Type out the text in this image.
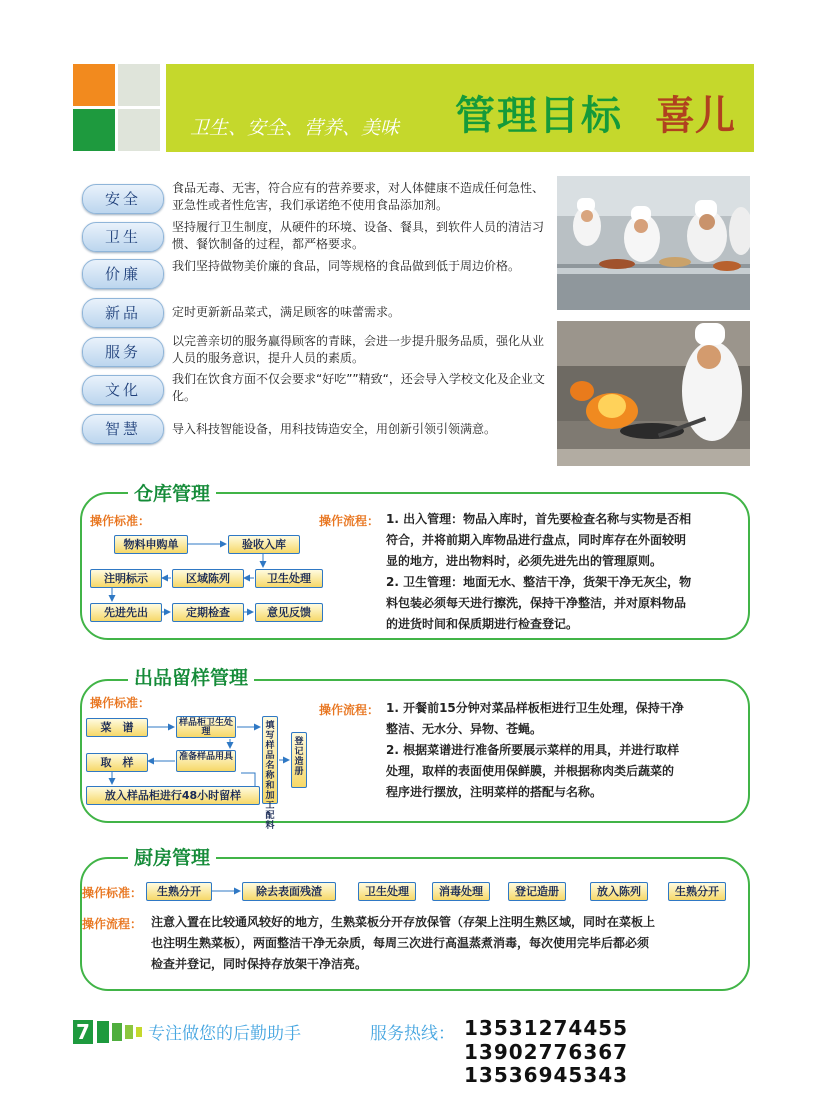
卫生、安全、营养、美味 管理目标 喜儿
安全
食品无毒、无害，符合应有的营养要求，对人体健康不造成任何急性、亚急性或者性危害，我们承诺绝不使用食品添加剂。
卫生
坚持履行卫生制度，从硬件的环境、设备、餐具，到软件人员的清洁习惯、餐饮制备的过程，都严格要求。
价廉	我们坚持做物美价廉的食品，同等规格的食品做到低于周边价格。
新品	定时更新新品菜式，满足顾客的味蕾需求。
服务
以完善亲切的服务赢得顾客的青睐，会进一步提升服务品质，强化从业人员的服务意识，提升人员的素质。
文化
我们在饮食方面不仅会要求“好吃””精致“，还会导入学校文化及企业文化。
智慧	导入科技智能设备，用科技铸造安全，用创新引领引领满意。
仓库管理
操作标准：	操作流程： 1. 出入管理：物品入库时，首先要检查名称与实物是否相
符合，并将前期入库物品进行盘点，同时库存在外面较明
显的地方，进出物料时，必须先进先出的管理原则。
2. 卫生管理：地面无水、整洁干净，货架干净无灰尘，物
料包装必须每天进行擦洗，保持干净整洁，并对原料物品
的进货时间和保质期进行检查登记。
物料申购单	验收入库
注明标示	区域陈列	卫生处理
先进先出	定期检查	意见反馈
出品留样管理
操作标准：	操作流程： 1. 开餐前15分钟对菜品样板柜进行卫生处理，保持干净
整洁、无水分、异物、苍蝇。
2. 根据菜谱进行准备所要展示菜样的用具，并进行取样
处理，取样的表面使用保鲜膜，并根据称肉类后蔬菜的
程序进行摆放，注明菜样的搭配与名称。
菜　谱	样品柜卫生处理
取　样	准备样品用具
放入样品柜进行48小时留样
填写样品名称和加工配料
登记造册
厨房管理
操作标准：	生熟分开	除去表面残渣	卫生处理	消毒处理	登记造册	放入陈列	生熟分开
操作流程： 注意入置在比较通风较好的地方，生熟菜板分开存放保管（存架上注明生熟区域，同时在菜板上
也注明生熟菜板），两面整洁干净无杂质，每周三次进行高温蒸煮消毒，每次使用完毕后都必须
检查并登记，同时保持存放架干净洁亮。
7	专注做您的后勤助手	服务热线： 13531274455
13902776367
13536945343
